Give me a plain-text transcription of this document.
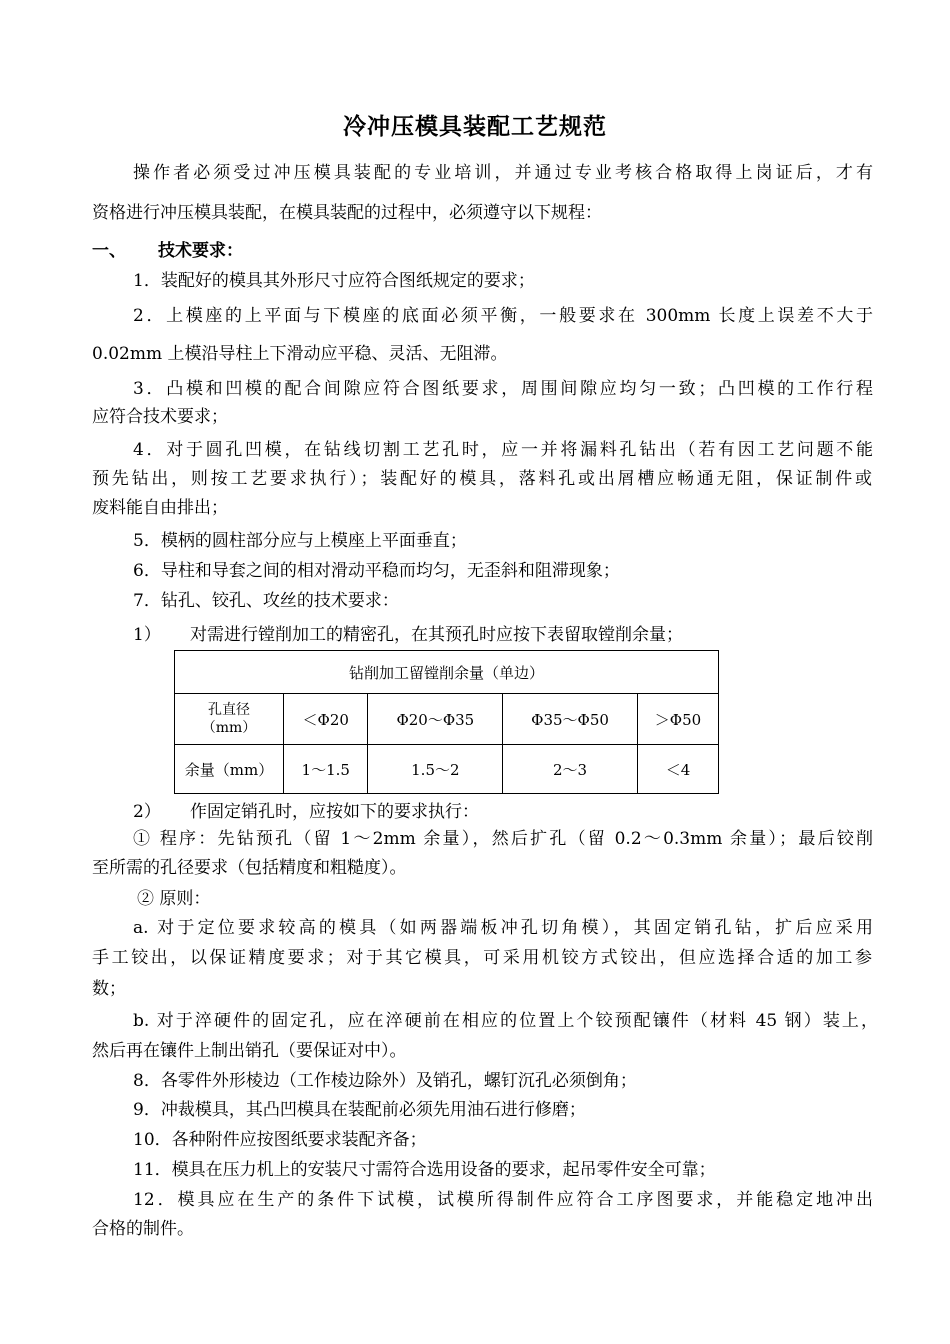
冷冲压模具装配工艺规范
操作者必须受过冲压模具装配的专业培训，并通过专业考核合格取得上岗证后，才有
资格进行冲压模具装配，在模具装配的过程中，必须遵守以下规程：
一、 技术要求：
1．装配好的模具其外形尺寸应符合图纸规定的要求；
2．上模座的上平面与下模座的底面必须平衡，一般要求在 300mm 长度上误差不大于
0.02mm 上模沿导柱上下滑动应平稳、灵活、无阻滞。
3．凸模和凹模的配合间隙应符合图纸要求，周围间隙应均匀一致；凸凹模的工作行程
应符合技术要求；
4．对于圆孔凹模，在钻线切割工艺孔时，应一并将漏料孔钻出（若有因工艺问题不能
预先钻出，则按工艺要求执行）；装配好的模具，落料孔或出屑槽应畅通无阻，保证制件或
废料能自由排出；
5．模柄的圆柱部分应与上模座上平面垂直；
6．导柱和导套之间的相对滑动平稳而均匀，无歪斜和阻滞现象；
7．钻孔、铰孔、攻丝的技术要求：
1） 对需进行镗削加工的精密孔，在其预孔时应按下表留取镗削余量；
钻削加工留镗削余量（单边）				

孔直径
（mm）	＜Φ20	Φ20～Φ35	Φ35～Φ50	＞Φ50
余量（mm）	1～1.5	1.5～2	2～3	＜4
2） 作固定销孔时，应按如下的要求执行：
① 程序：先钻预孔（留 1～2mm 余量），然后扩孔（留 0.2～0.3mm 余量）；最后铰削
至所需的孔径要求（包括精度和粗糙度）。
② 原则：
a. 对于定位要求较高的模具（如两器端板冲孔切角模），其固定销孔钻，扩后应采用
手工铰出，以保证精度要求；对于其它模具，可采用机铰方式铰出，但应选择合适的加工参
数；
b. 对于淬硬件的固定孔，应在淬硬前在相应的位置上个铰预配镶件（材料 45 钢）装上，
然后再在镶件上制出销孔（要保证对中）。
8．各零件外形棱边（工作棱边除外）及销孔，螺钉沉孔必须倒角；
9．冲裁模具，其凸凹模具在装配前必须先用油石进行修磨；
10．各种附件应按图纸要求装配齐备；
11．模具在压力机上的安装尺寸需符合选用设备的要求，起吊零件安全可靠；
12．模具应在生产的条件下试模，试模所得制件应符合工序图要求，并能稳定地冲出
合格的制件。
